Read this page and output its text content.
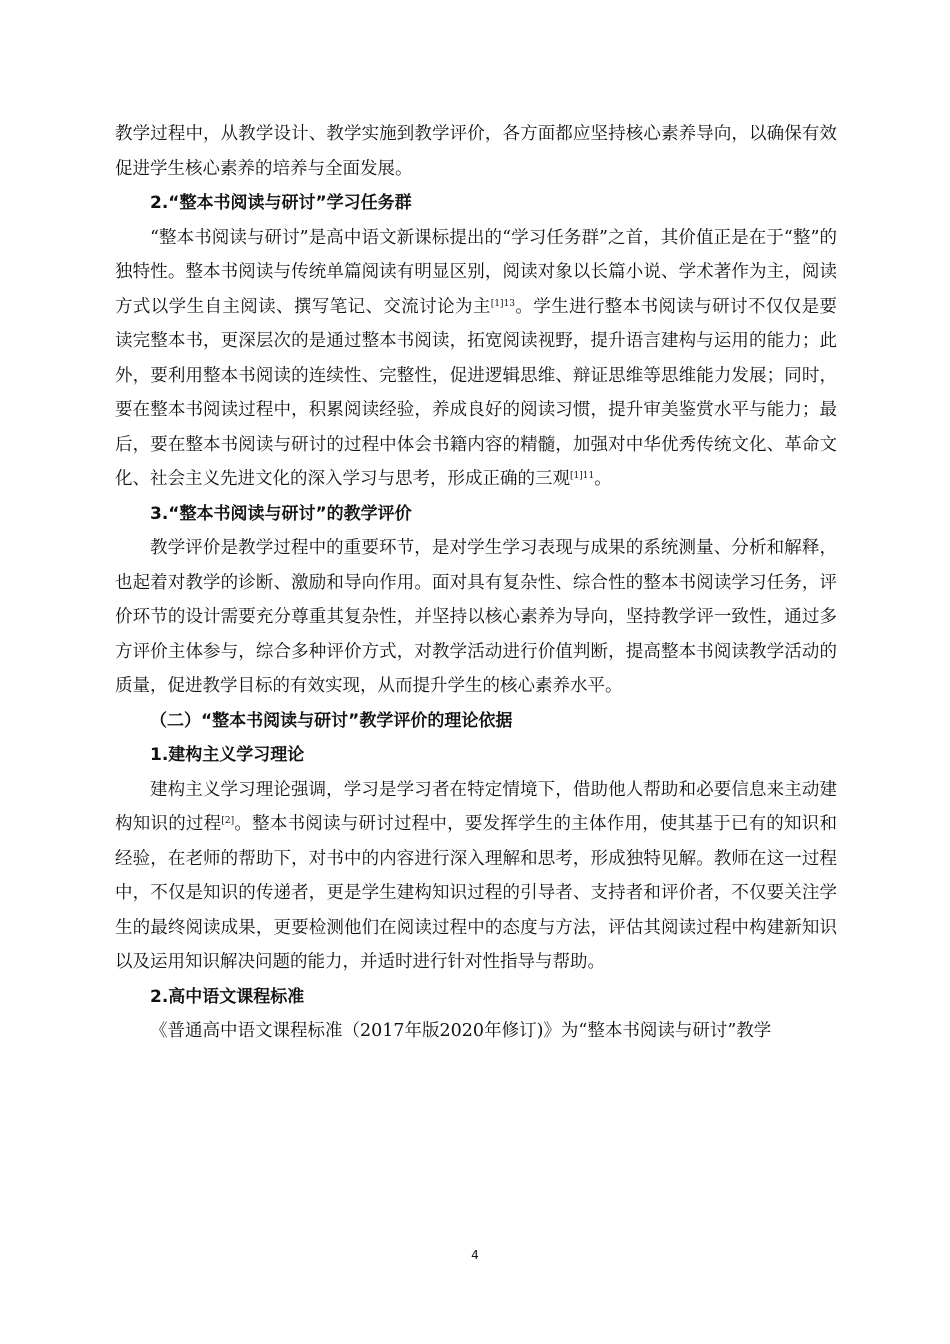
教学过程中，从教学设计、教学实施到教学评价，各方面都应坚持核心素养导向，以确保有效促进学生核心素养的培养与全面发展。

2.“整本书阅读与研讨”学习任务群

“整本书阅读与研讨”是高中语文新课标提出的“学习任务群”之首，其价值正是在于“整”的独特性。整本书阅读与传统单篇阅读有明显区别，阅读对象以长篇小说、学术著作为主，阅读方式以学生自主阅读、撰写笔记、交流讨论为主$^{[1]13}$。学生进行整本书阅读与研讨不仅仅是要读完整本书，更深层次的是通过整本书阅读，拓宽阅读视野，提升语言建构与运用的能力；此外，要利用整本书阅读的连续性、完整性，促进逻辑思维、辩证思维等思维能力发展；同时，要在整本书阅读过程中，积累阅读经验，养成良好的阅读习惯，提升审美鉴赏水平与能力；最后，要在整本书阅读与研讨的过程中体会书籍内容的精髓，加强对中华优秀传统文化、革命文化、社会主义先进文化的深入学习与思考，形成正确的三观$^{[1]11}$。

3.“整本书阅读与研讨”的教学评价

教学评价是教学过程中的重要环节，是对学生学习表现与成果的系统测量、分析和解释，也起着对教学的诊断、激励和导向作用。面对具有复杂性、综合性的整本书阅读学习任务，评价环节的设计需要充分尊重其复杂性，并坚持以核心素养为导向，坚持教学评一致性，通过多方评价主体参与，综合多种评价方式，对教学活动进行价值判断，提高整本书阅读教学活动的质量，促进教学目标的有效实现，从而提升学生的核心素养水平。

（二）“整本书阅读与研讨”教学评价的理论依据

1.建构主义学习理论

建构主义学习理论强调，学习是学习者在特定情境下，借助他人帮助和必要信息来主动建构知识的过程[2]。整本书阅读与研讨过程中，要发挥学生的主体作用，使其基于已有的知识和经验，在老师的帮助下，对书中的内容进行深入理解和思考，形成独特见解。教师在这一过程中，不仅是知识的传递者，更是学生建构知识过程的引导者、支持者和评价者，不仅要关注学生的最终阅读成果，更要检测他们在阅读过程中的态度与方法，评估其阅读过程中构建新知识以及运用知识解决问题的能力，并适时进行针对性指导与帮助。

2.高中语文课程标准

《普通高中语文课程标准（2017年版2020年修订)》为“整本书阅读与研讨”教学

4
